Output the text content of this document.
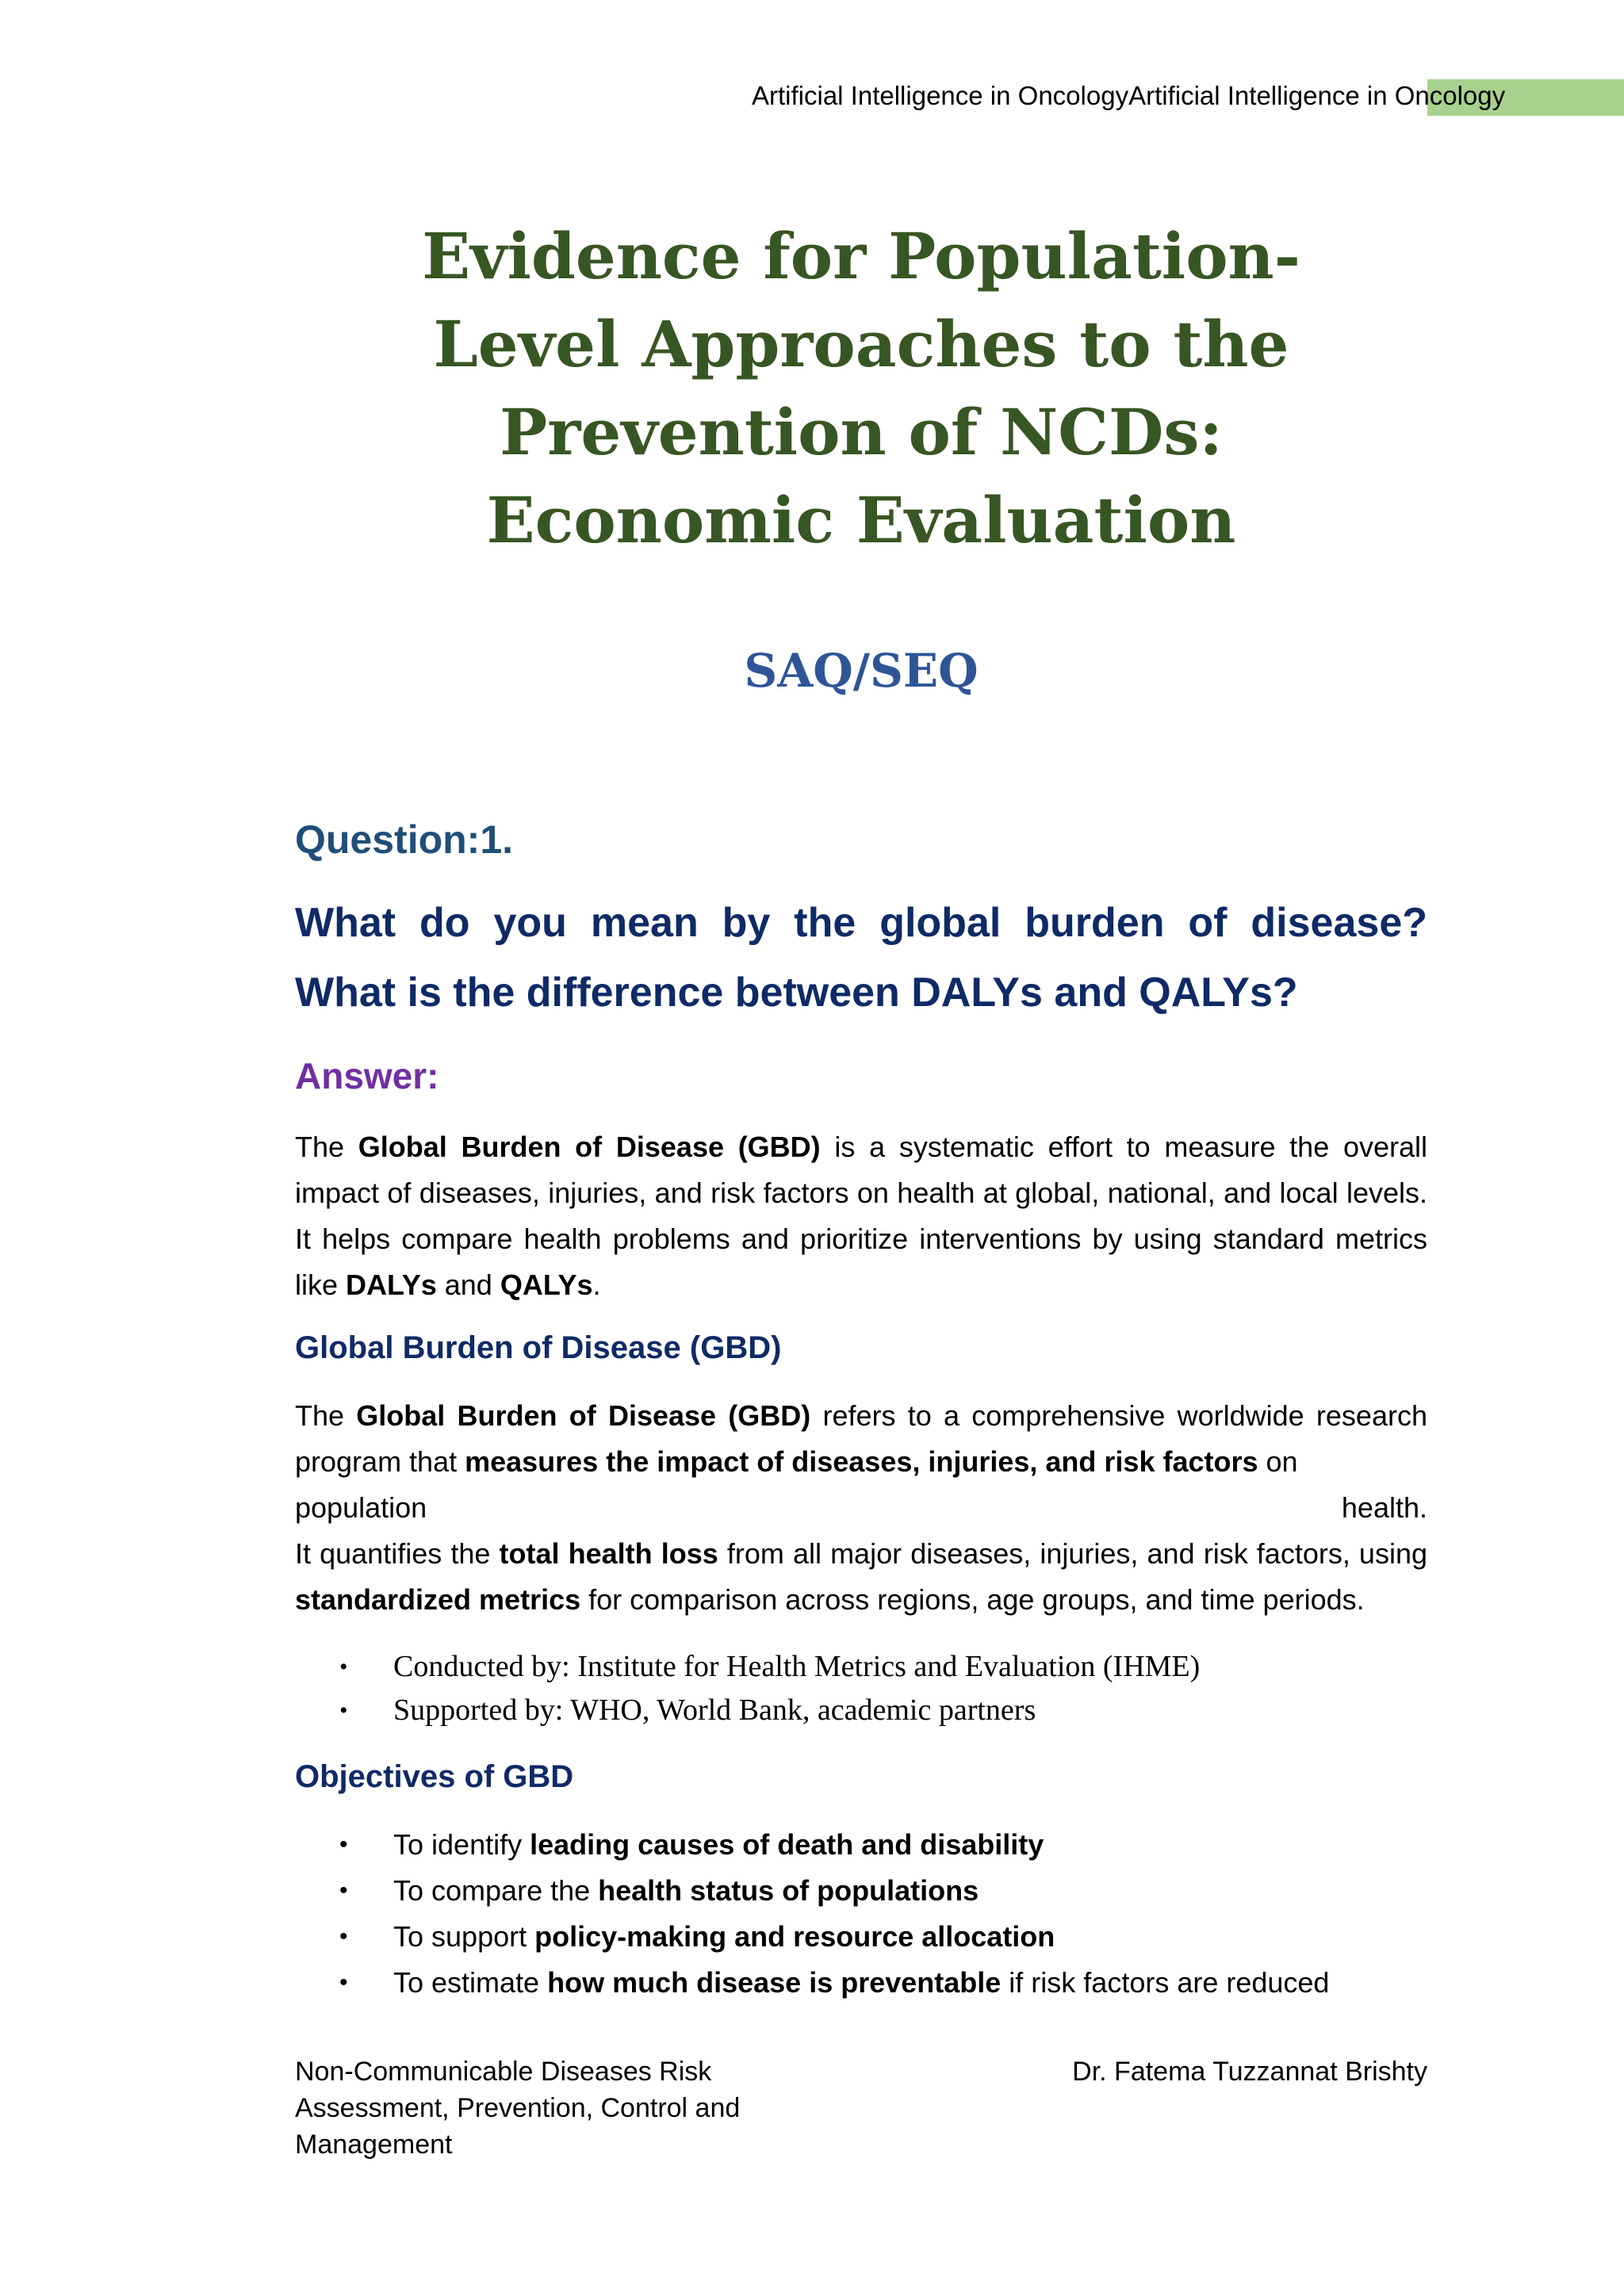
Artificial Intelligence in OncologyArtificial Intelligence in Oncology
Evidence for Population-
Level Approaches to the
Prevention of NCDs:
Economic Evaluation
SAQ/SEQ
Question:1.
What do you mean by the global burden of disease? What is the difference between DALYs and QALYs?
Answer:

The Global Burden of Disease (GBD) is a systematic effort to measure the overall impact of diseases, injuries, and risk factors on health at global, national, and local levels. It helps compare health problems and prioritize interventions by using standard metrics like DALYs and QALYs.

Global Burden of Disease (GBD)
The Global Burden of Disease (GBD) refers to a comprehensive worldwide research program that measures the impact of diseases, injuries, and risk factors on
population	health.
It quantifies the total health loss from all major diseases, injuries, and risk factors, using standardized metrics for comparison across regions, age groups, and time periods.
• Conducted by: Institute for Health Metrics and Evaluation (IHME)
• Supported by: WHO, World Bank, academic partners
Objectives of GBD
• To identify leading causes of death and disability
• To compare the health status of populations
• To support policy-making and resource allocation
• To estimate how much disease is preventable if risk factors are reduced
Non-Communicable Diseases Risk
Assessment, Prevention, Control and
Management
Dr. Fatema Tuzzannat Brishty
